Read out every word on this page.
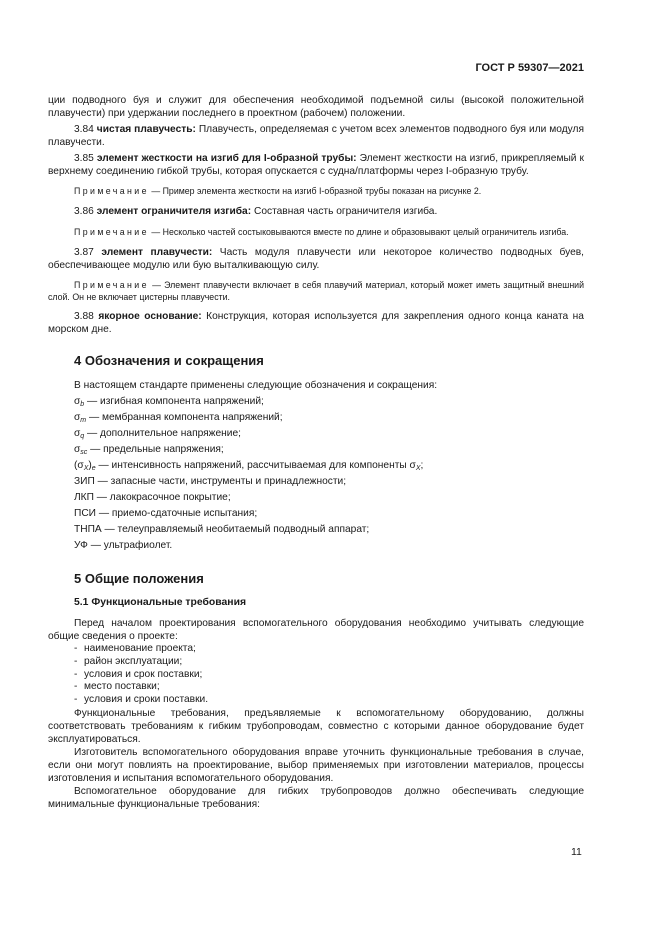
ГОСТ Р 59307—2021

ции подводного буя и служит для обеспечения необходимой подъемной силы (высокой положительной плавучести) при удержании последнего в проектном (рабочем) положении.

3.84 чистая плавучесть: Плавучесть, определяемая с учетом всех элементов подводного буя или модуля плавучести.

3.85 элемент жесткости на изгиб для I-образной трубы: Элемент жесткости на изгиб, прикрепляемый к верхнему соединению гибкой трубы, которая опускается с судна/платформы через I-образную трубу.

Примечание — Пример элемента жесткости на изгиб I-образной трубы показан на рисунке 2.

3.86 элемент ограничителя изгиба: Составная часть ограничителя изгиба.

Примечание — Несколько частей состыковываются вместе по длине и образовывают целый ограничитель изгиба.

3.87 элемент плавучести: Часть модуля плавучести или некоторое количество подводных буев, обеспечивающее модулю или бую выталкивающую силу.

Примечание — Элемент плавучести включает в себя плавучий материал, который может иметь защитный внешний слой. Он не включает цистерны плавучести.

3.88 якорное основание: Конструкция, которая используется для закрепления одного конца каната на морском дне.

4 Обозначения и сокращения

В настоящем стандарте применены следующие обозначения и сокращения:

$\sigma_b$ — изгибная компонента напряжений;
$\sigma_m$ — мембранная компонента напряжений;
$\sigma_q$ — дополнительное напряжение;
$\sigma_{sc}$ — предельные напряжения;
$(\sigma_X)_e$ — интенсивность напряжений, рассчитываемая для компоненты $\sigma_X$;
ЗИП — запасные части, инструменты и принадлежности;
ЛКП — лакокрасочное покрытие;
ПСИ — приемо-сдаточные испытания;
ТНПА — телеуправляемый необитаемый подводный аппарат;
УФ — ультрафиолет.
5 Общие положения
5.1 Функциональные требования

Перед началом проектирования вспомогательного оборудования необходимо учитывать следующие общие сведения о проекте:

- наименование проекта;
- район эксплуатации;
- условия и срок поставки;
- место поставки;
- условия и сроки поставки.

Функциональные требования, предъявляемые к вспомогательному оборудованию, должны соответствовать требованиям к гибким трубопроводам, совместно с которыми данное оборудование будет эксплуатироваться.

Изготовитель вспомогательного оборудования вправе уточнить функциональные требования в случае, если они могут повлиять на проектирование, выбор применяемых при изготовлении материалов, процессы изготовления и испытания вспомогательного оборудования.

Вспомогательное оборудование для гибких трубопроводов должно обеспечивать следующие минимальные функциональные требования:

11
